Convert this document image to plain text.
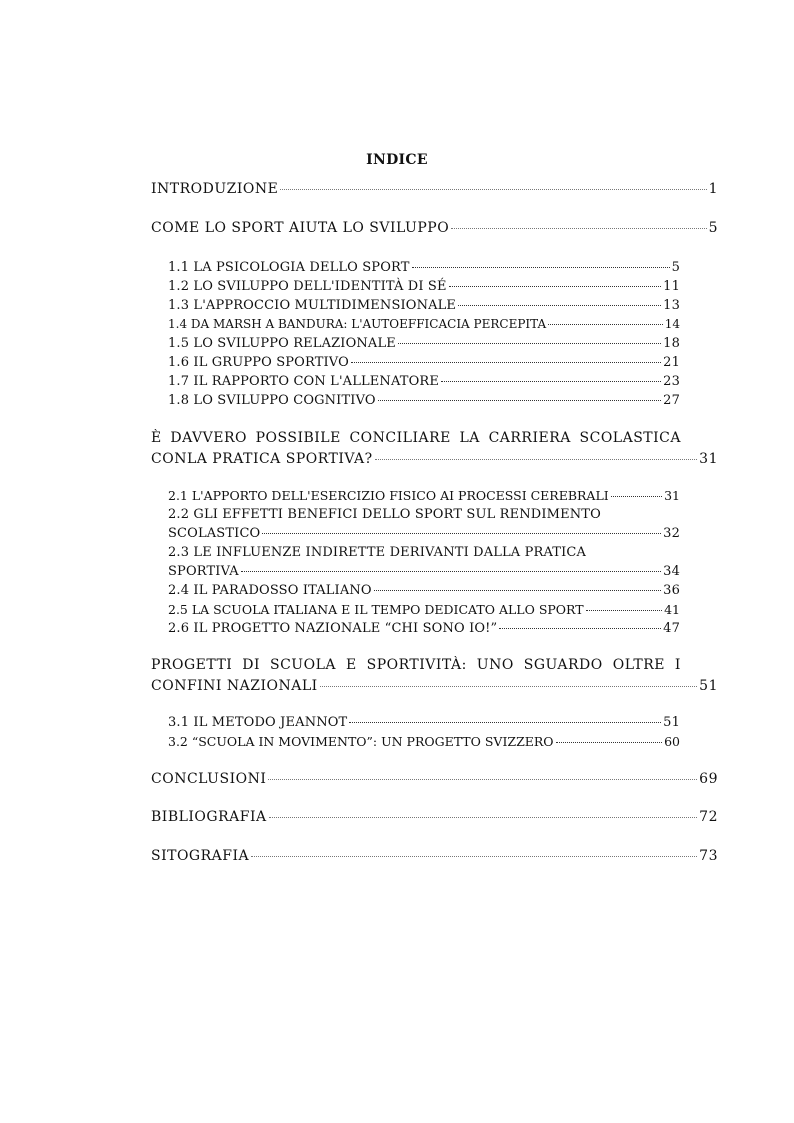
INDICE
INTRODUZIONE	1
COME LO SPORT AIUTA LO SVILUPPO	5
1.1 LA PSICOLOGIA DELLO SPORT	5
1.2 LO SVILUPPO DELL'IDENTITÀ DI SÉ	11
1.3 L'APPROCCIO MULTIDIMENSIONALE	13
1.4 DA MARSH A BANDURA: L'AUTOEFFICACIA PERCEPITA	14
1.5 LO SVILUPPO RELAZIONALE	18
1.6 IL GRUPPO SPORTIVO	21
1.7 IL RAPPORTO CON L'ALLENATORE	23
1.8 LO SVILUPPO COGNITIVO	27
È DAVVERO POSSIBILE CONCILIARE LA CARRIERA SCOLASTICA
CONLA PRATICA SPORTIVA?	31
2.1 L'APPORTO DELL'ESERCIZIO FISICO AI PROCESSI CEREBRALI	31
2.2 GLI EFFETTI BENEFICI DELLO SPORT SUL RENDIMENTO
SCOLASTICO	32
2.3 LE INFLUENZE INDIRETTE DERIVANTI DALLA PRATICA
SPORTIVA	34
2.4 IL PARADOSSO ITALIANO	36
2.5 LA SCUOLA ITALIANA E IL TEMPO DEDICATO ALLO SPORT	41
2.6 IL PROGETTO NAZIONALE “CHI SONO IO!”	47
PROGETTI DI SCUOLA E SPORTIVITÀ: UNO SGUARDO OLTRE I
CONFINI NAZIONALI	51
3.1 IL METODO JEANNOT	51
3.2 “SCUOLA IN MOVIMENTO”: UN PROGETTO SVIZZERO	60
CONCLUSIONI	69
BIBLIOGRAFIA	72
SITOGRAFIA	73
